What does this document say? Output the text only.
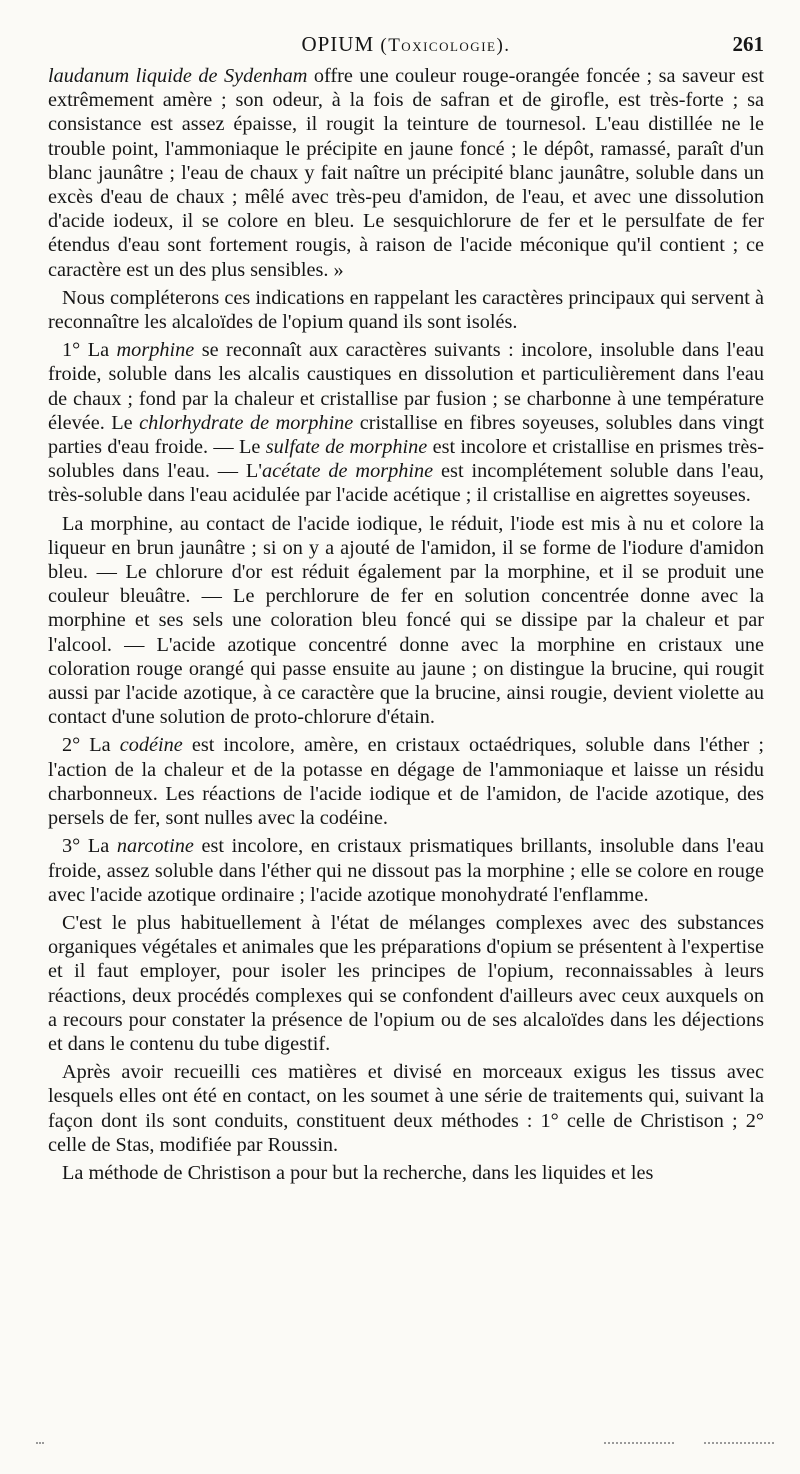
OPIUM (Toxicologie).	261

laudanum liquide de Sydenham offre une couleur rouge-orangée foncée ; sa saveur est extrêmement amère ; son odeur, à la fois de safran et de girofle, est très-forte ; sa consistance est assez épaisse, il rougit la teinture de tournesol. L'eau distillée ne le trouble point, l'ammoniaque le précipite en jaune foncé ; le dépôt, ramassé, paraît d'un blanc jaunâtre ; l'eau de chaux y fait naître un précipité blanc jaunâtre, soluble dans un excès d'eau de chaux ; mêlé avec très-peu d'amidon, de l'eau, et avec une dissolution d'acide iodeux, il se colore en bleu. Le sesquichlorure de fer et le persulfate de fer étendus d'eau sont fortement rougis, à raison de l'acide méconique qu'il contient ; ce caractère est un des plus sensibles. »

Nous compléterons ces indications en rappelant les caractères principaux qui servent à reconnaître les alcaloïdes de l'opium quand ils sont isolés.

1° La morphine se reconnaît aux caractères suivants : incolore, insoluble dans l'eau froide, soluble dans les alcalis caustiques en dissolution et particulièrement dans l'eau de chaux ; fond par la chaleur et cristallise par fusion ; se charbonne à une température élevée. Le chlorhydrate de morphine cristallise en fibres soyeuses, solubles dans vingt parties d'eau froide. — Le sulfate de morphine est incolore et cristallise en prismes très-solubles dans l'eau. — L'acétate de morphine est incomplétement soluble dans l'eau, très-soluble dans l'eau acidulée par l'acide acétique ; il cristallise en aigrettes soyeuses.

La morphine, au contact de l'acide iodique, le réduit, l'iode est mis à nu et colore la liqueur en brun jaunâtre ; si on y a ajouté de l'amidon, il se forme de l'iodure d'amidon bleu. — Le chlorure d'or est réduit également par la morphine, et il se produit une couleur bleuâtre. — Le perchlorure de fer en solution concentrée donne avec la morphine et ses sels une coloration bleu foncé qui se dissipe par la chaleur et par l'alcool. — L'acide azotique concentré donne avec la morphine en cristaux une coloration rouge orangé qui passe ensuite au jaune ; on distingue la brucine, qui rougit aussi par l'acide azotique, à ce caractère que la brucine, ainsi rougie, devient violette au contact d'une solution de proto-chlorure d'étain.

2° La codéine est incolore, amère, en cristaux octaédriques, soluble dans l'éther ; l'action de la chaleur et de la potasse en dégage de l'ammoniaque et laisse un résidu charbonneux. Les réactions de l'acide iodique et de l'amidon, de l'acide azotique, des persels de fer, sont nulles avec la codéine.

3° La narcotine est incolore, en cristaux prismatiques brillants, insoluble dans l'eau froide, assez soluble dans l'éther qui ne dissout pas la morphine ; elle se colore en rouge avec l'acide azotique ordinaire ; l'acide azotique monohydraté l'enflamme.

C'est le plus habituellement à l'état de mélanges complexes avec des substances organiques végétales et animales que les préparations d'opium se présentent à l'expertise et il faut employer, pour isoler les principes de l'opium, reconnaissables à leurs réactions, deux procédés complexes qui se confondent d'ailleurs avec ceux auxquels on a recours pour constater la présence de l'opium ou de ses alcaloïdes dans les déjections et dans le contenu du tube digestif.

Après avoir recueilli ces matières et divisé en morceaux exigus les tissus avec lesquels elles ont été en contact, on les soumet à une série de traitements qui, suivant la façon dont ils sont conduits, constituent deux méthodes : 1° celle de Christison ; 2° celle de Stas, modifiée par Roussin.

La méthode de Christison a pour but la recherche, dans les liquides et les
